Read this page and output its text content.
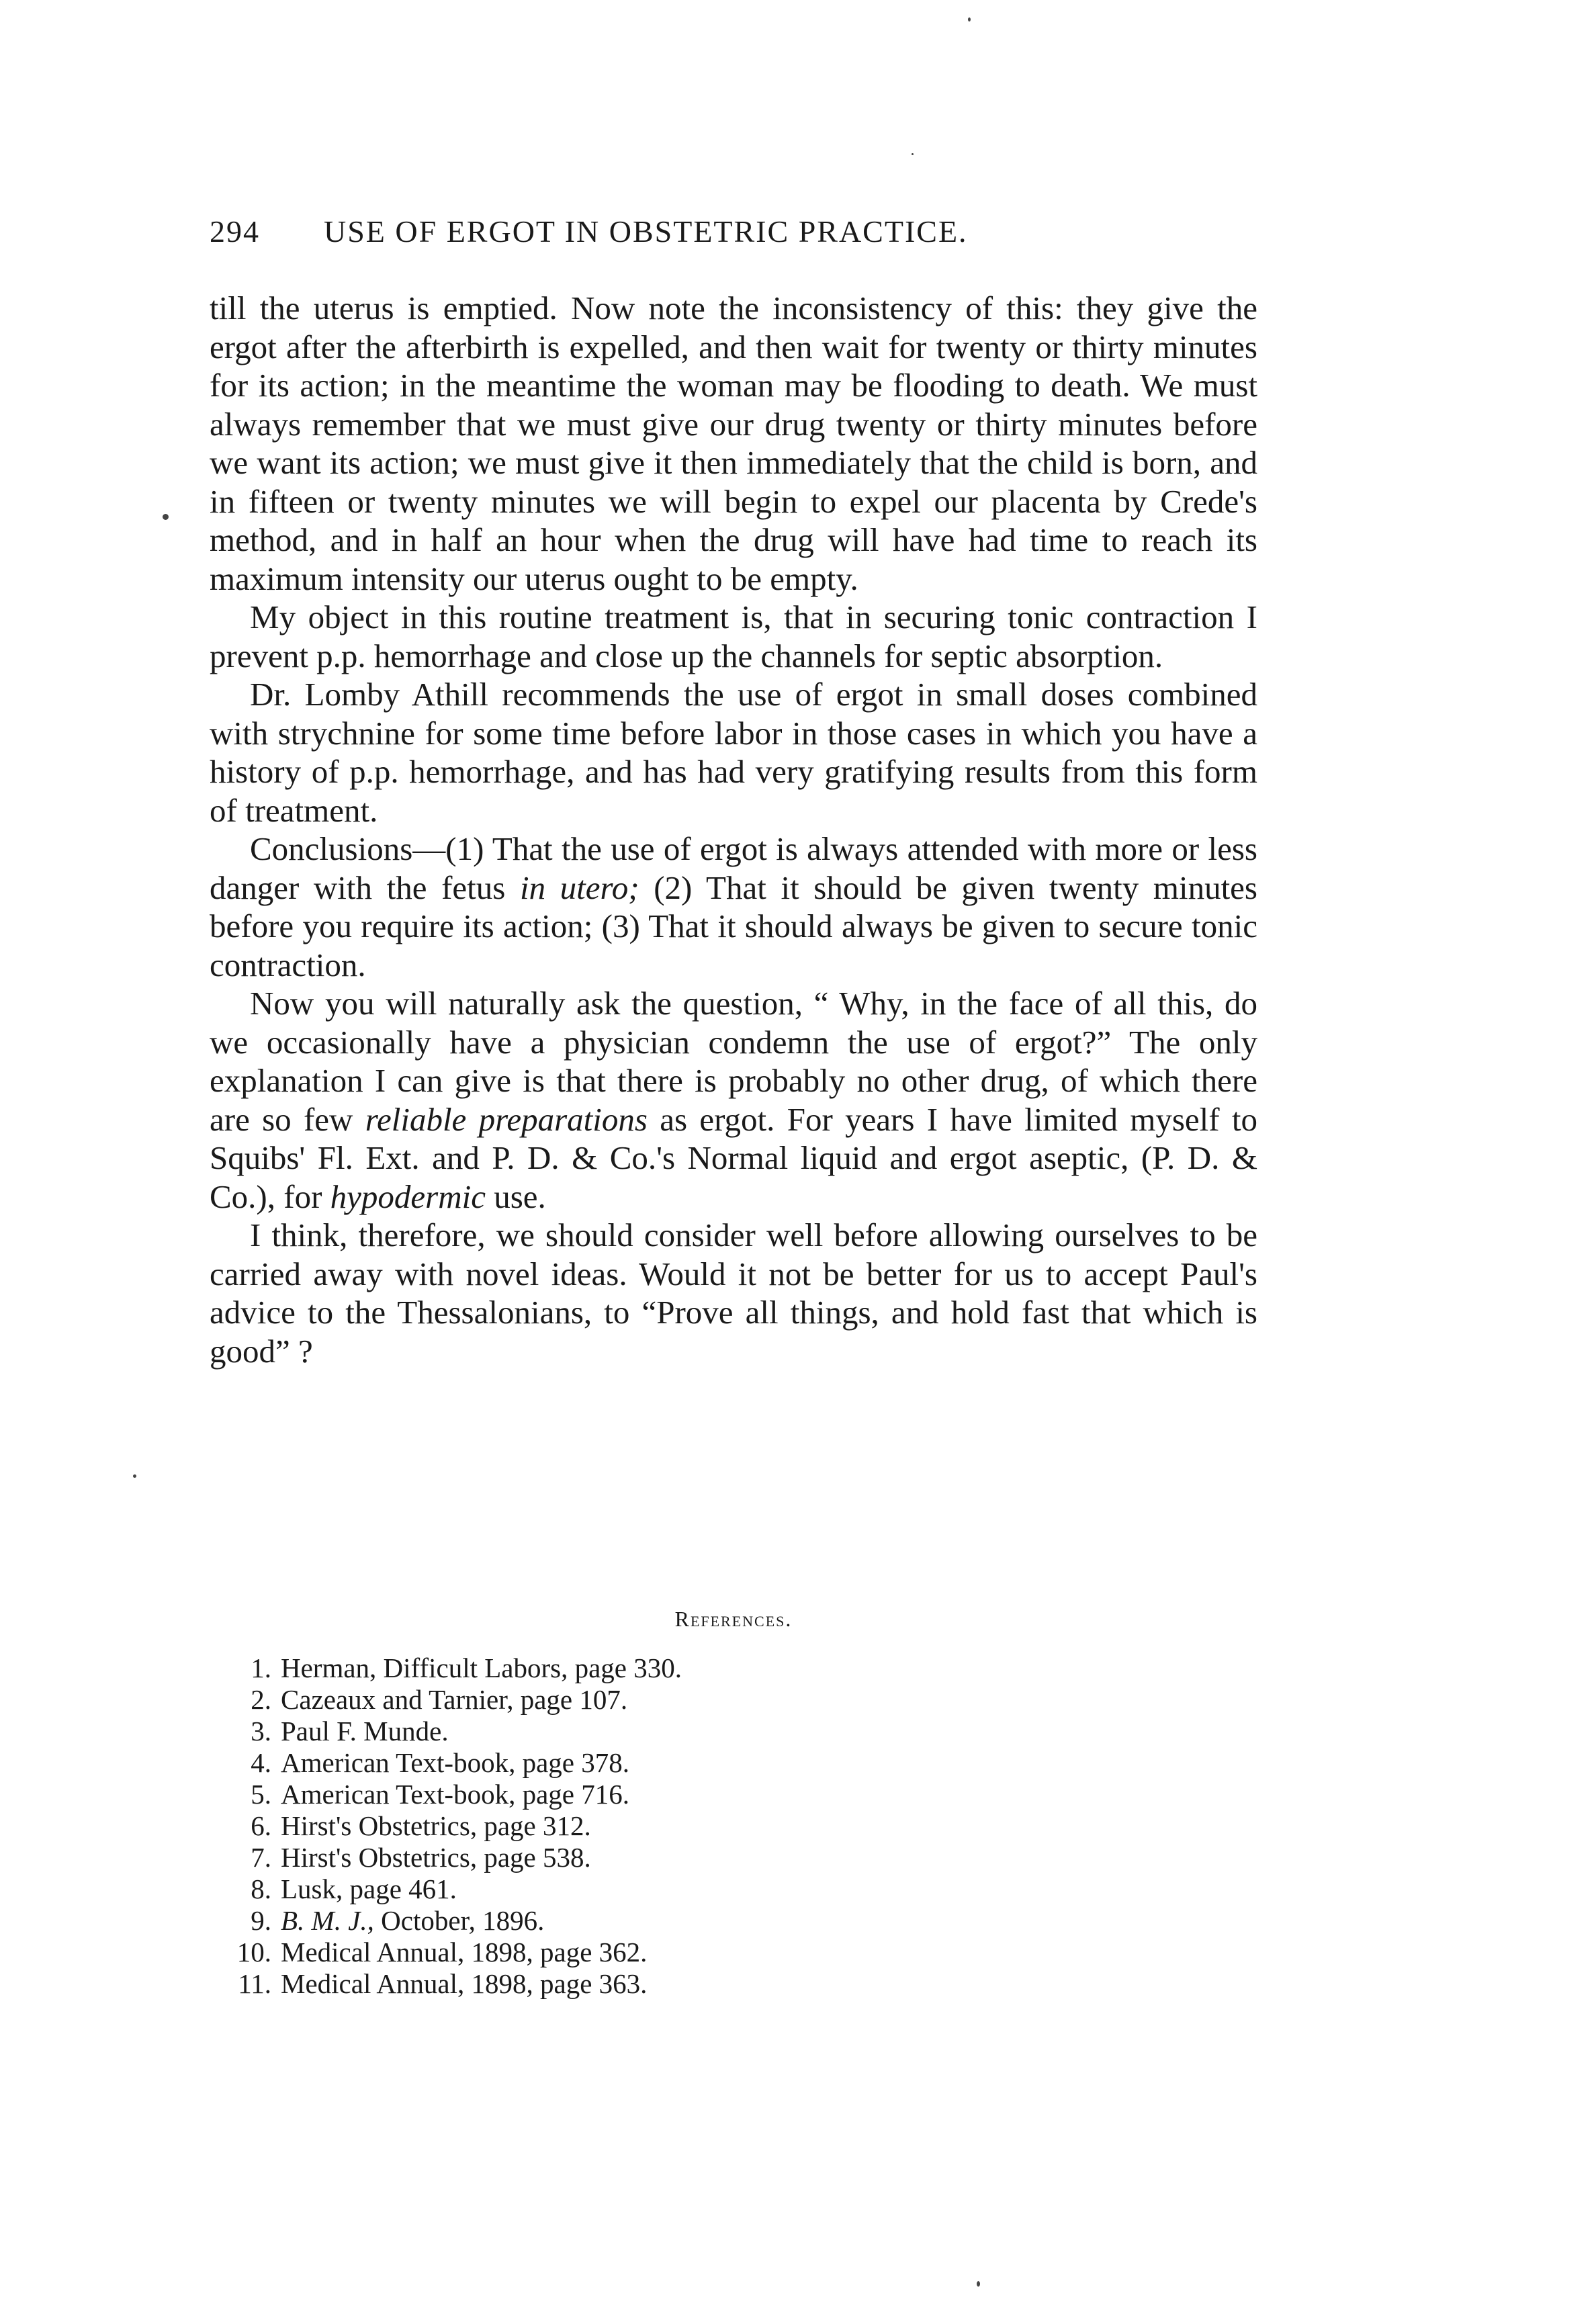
294 USE OF ERGOT IN OBSTETRIC PRACTICE.

till the uterus is emptied. Now note the inconsistency of this: they give the ergot after the afterbirth is expelled, and then wait for twenty or thirty minutes for its action; in the meantime the woman may be flooding to death. We must always remember that we must give our drug twenty or thirty minutes before we want its action; we must give it then immediately that the child is born, and in fifteen or twenty minutes we will begin to expel our placenta by Crede's method, and in half an hour when the drug will have had time to reach its maximum intensity our uterus ought to be empty.

My object in this routine treatment is, that in securing tonic contraction I prevent p.p. hemorrhage and close up the channels for septic absorption.

Dr. Lomby Athill recommends the use of ergot in small doses combined with strychnine for some time before labor in those cases in which you have a history of p.p. hemorrhage, and has had very gratifying results from this form of treatment.

Conclusions—(1) That the use of ergot is always attended with more or less danger with the fetus in utero; (2) That it should be given twenty minutes before you require its action; (3) That it should always be given to secure tonic contraction.

Now you will naturally ask the question, “ Why, in the face of all this, do we occasionally have a physician condemn the use of ergot?” The only explanation I can give is that there is probably no other drug, of which there are so few reliable preparations as ergot. For years I have limited myself to Squibs' Fl. Ext. and P. D. & Co.'s Normal liquid and ergot aseptic, (P. D. & Co.), for hypodermic use.

I think, therefore, we should consider well before allowing ourselves to be carried away with novel ideas. Would it not be better for us to accept Paul's advice to the Thessalonians, to “Prove all things, and hold fast that which is good” ?

References.
1. Herman, Difficult Labors, page 330.
2. Cazeaux and Tarnier, page 107.
3. Paul F. Munde.
4. American Text-book, page 378.
5. American Text-book, page 716.
6. Hirst's Obstetrics, page 312.
7. Hirst's Obstetrics, page 538.
8. Lusk, page 461.
9. B. M. J., October, 1896.
10. Medical Annual, 1898, page 362.
11. Medical Annual, 1898, page 363.
